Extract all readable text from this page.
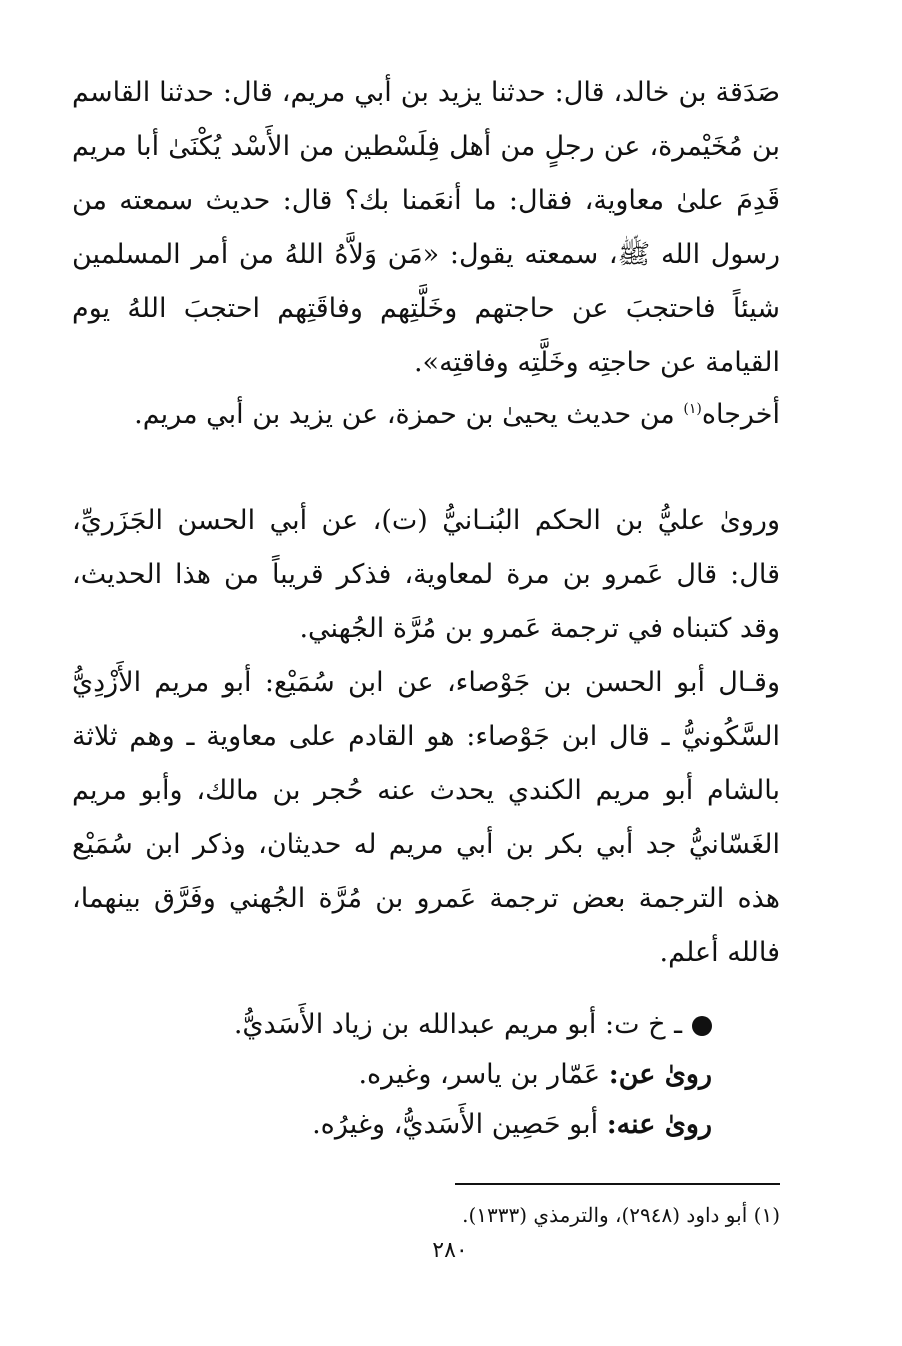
صَدَقة بن خالد، قال: حدثنا يزيد بن أبي مريم، قال: حدثنا القاسم بن مُخَيْمرة، عن رجلٍ من أهل فِلَسْطين من الأَسْد يُكْنَىٰ أبا مريم قَدِمَ علىٰ معاوية، فقال: ما أنعَمنا بك؟ قال: حديث سمعته من رسول الله ﷺ، سمعته يقول: «مَن وَلاَّهُ اللهُ من أمر المسلمين شيئاً فاحتجبَ عن حاجتهم وخَلَّتِهم وفاقَتِهم احتجبَ اللهُ يوم القيامة عن حاجتِه وخَلَّتِه وفاقتِه».

أخرجاه$^{(١)}$ من حديث يحيىٰ بن حمزة، عن يزيد بن أبي مريم.

ورویٰ عليُّ بن الحكم البُنـانيُّ (ت)، عن أبي الحسن الجَزَريِّ، قال: قال عَمرو بن مرة لمعاوية، فذكر قريباً من هذا الحديث، وقد كتبناه في ترجمة عَمرو بن مُرَّة الجُهني.

وقـال أبو الحسن بن جَوْصاء، عن ابن سُمَيْع: أبو مريم الأَزْدِيُّ السَّكُونيُّ ـ قال ابن جَوْصاء: هو القادم على معاوية ـ وهم ثلاثة بالشام أبو مريم الكندي يحدث عنه حُجر بن مالك، وأبو مريم الغَسّانيُّ جد أبي بكر بن أبي مريم له حديثان، وذكر ابن سُمَيْع هذه الترجمة بعض ترجمة عَمرو بن مُرَّة الجُهني وفَرَّق بينهما، فالله أعلم.

ـ خ ت: أبو مريم عبدالله بن زياد الأَسَديُّ.
رویٰ عن: عَمّار بن ياسر، وغيره.
رویٰ عنه: أبو حَصِين الأَسَديُّ، وغيرُه.
(١) أبو داود (٢٩٤٨)، والترمذي (١٣٣٣).
٢٨٠
